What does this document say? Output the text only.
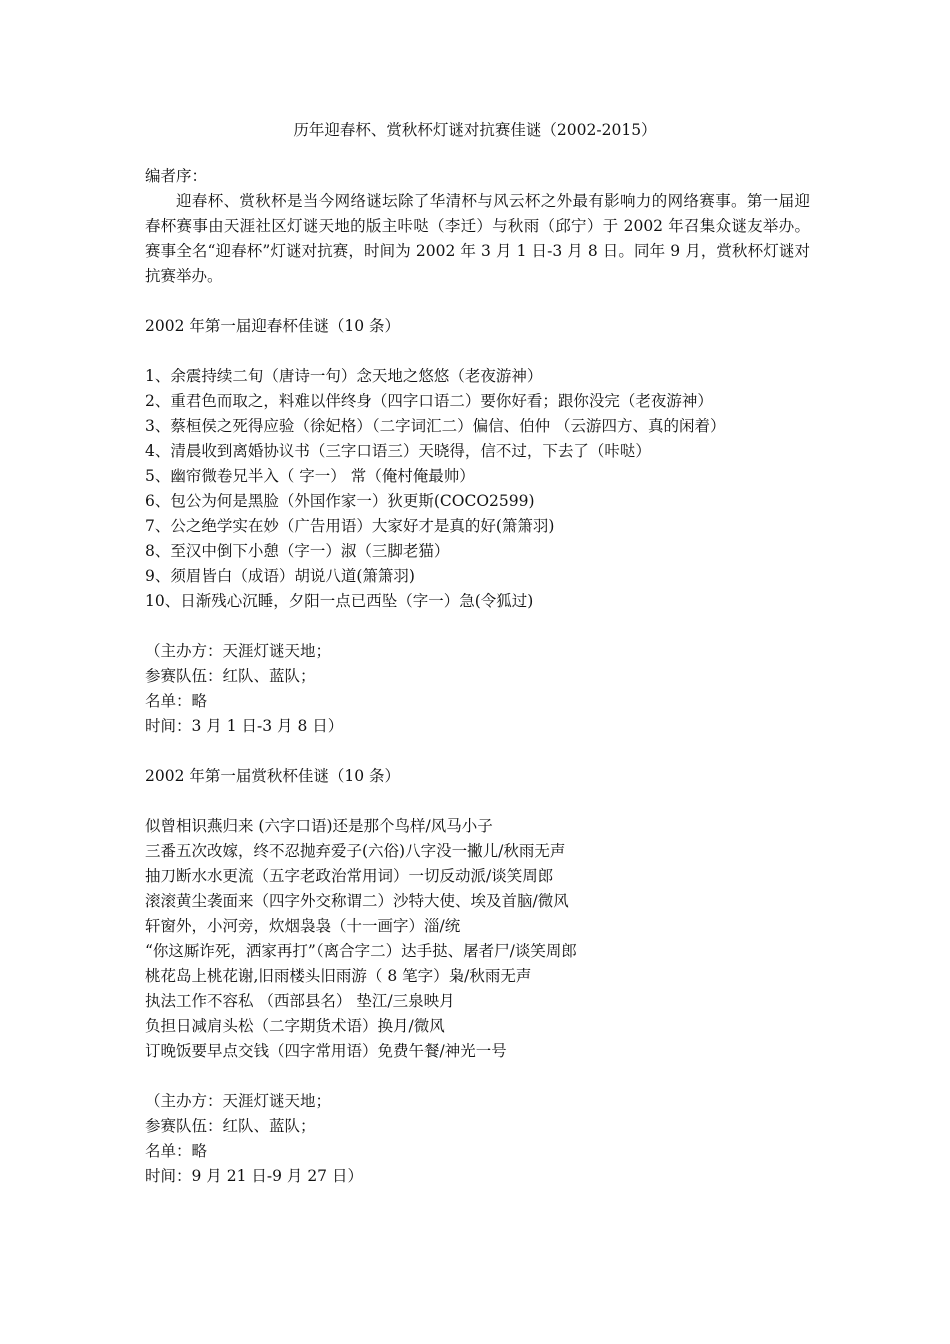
历年迎春杯、赏秋杯灯谜对抗赛佳谜（2002-2015）
编者序：
迎春杯、赏秋杯是当今网络谜坛除了华清杯与风云杯之外最有影响力的网络赛事。第一届迎春杯赛事由天涯社区灯谜天地的版主咔哒（李迁）与秋雨（邱宁）于 2002 年召集众谜友举办。赛事全名“迎春杯”灯谜对抗赛，时间为 2002 年 3 月 1 日-3 月 8 日。同年 9 月，赏秋杯灯谜对抗赛举办。
2002 年第一届迎春杯佳谜（10 条）
1、余震持续二旬（唐诗一句）念天地之悠悠（老夜游神）
2、重君色而取之，料难以伴终身（四字口语二）要你好看；跟你没完（老夜游神）
3、蔡桓侯之死得应验（徐妃格）（二字词汇二）偏信、伯仲 （云游四方、真的闲着）
4、清晨收到离婚协议书（三字口语三）天晓得，信不过，下去了（咔哒）
5、幽帘微卷兄半入（ 字一） 常（俺村俺最帅）
6、包公为何是黑脸（外国作家一）狄更斯(COCO2599)
7、公之绝学实在妙（广告用语）大家好才是真的好(箫箫羽)
8、至汉中倒下小憩（字一）淑（三脚老猫）
9、须眉皆白（成语）胡说八道(箫箫羽)
10、日渐残心沉睡，夕阳一点已西坠（字一）急(令狐过)
（主办方：天涯灯谜天地；
参赛队伍：红队、蓝队；
名单：略
时间：3 月 1 日-3 月 8 日）
2002 年第一届赏秋杯佳谜（10 条）
似曾相识燕归来 (六字口语)还是那个鸟样/风马小子
三番五次改嫁，终不忍抛弃爱子(六俗)八字没一撇儿/秋雨无声
抽刀断水水更流（五字老政治常用词）一切反动派/谈笑周郎
滚滚黄尘袭面来（四字外交称谓二）沙特大使、埃及首脑/微风
轩窗外，小河旁，炊烟袅袅（十一画字）淄/统
“你这厮诈死，洒家再打”（离合字二）达手挞、屠者尸/谈笑周郎
桃花岛上桃花谢,旧雨楼头旧雨游（ 8 笔字）枭/秋雨无声
执法工作不容私 （西部县名） 垫江/三泉映月
负担日减肩头松（二字期货术语）换月/微风
订晚饭要早点交钱（四字常用语）免费午餐/神光一号
（主办方：天涯灯谜天地；
参赛队伍：红队、蓝队；
名单：略
时间：9 月 21 日-9 月 27 日）
